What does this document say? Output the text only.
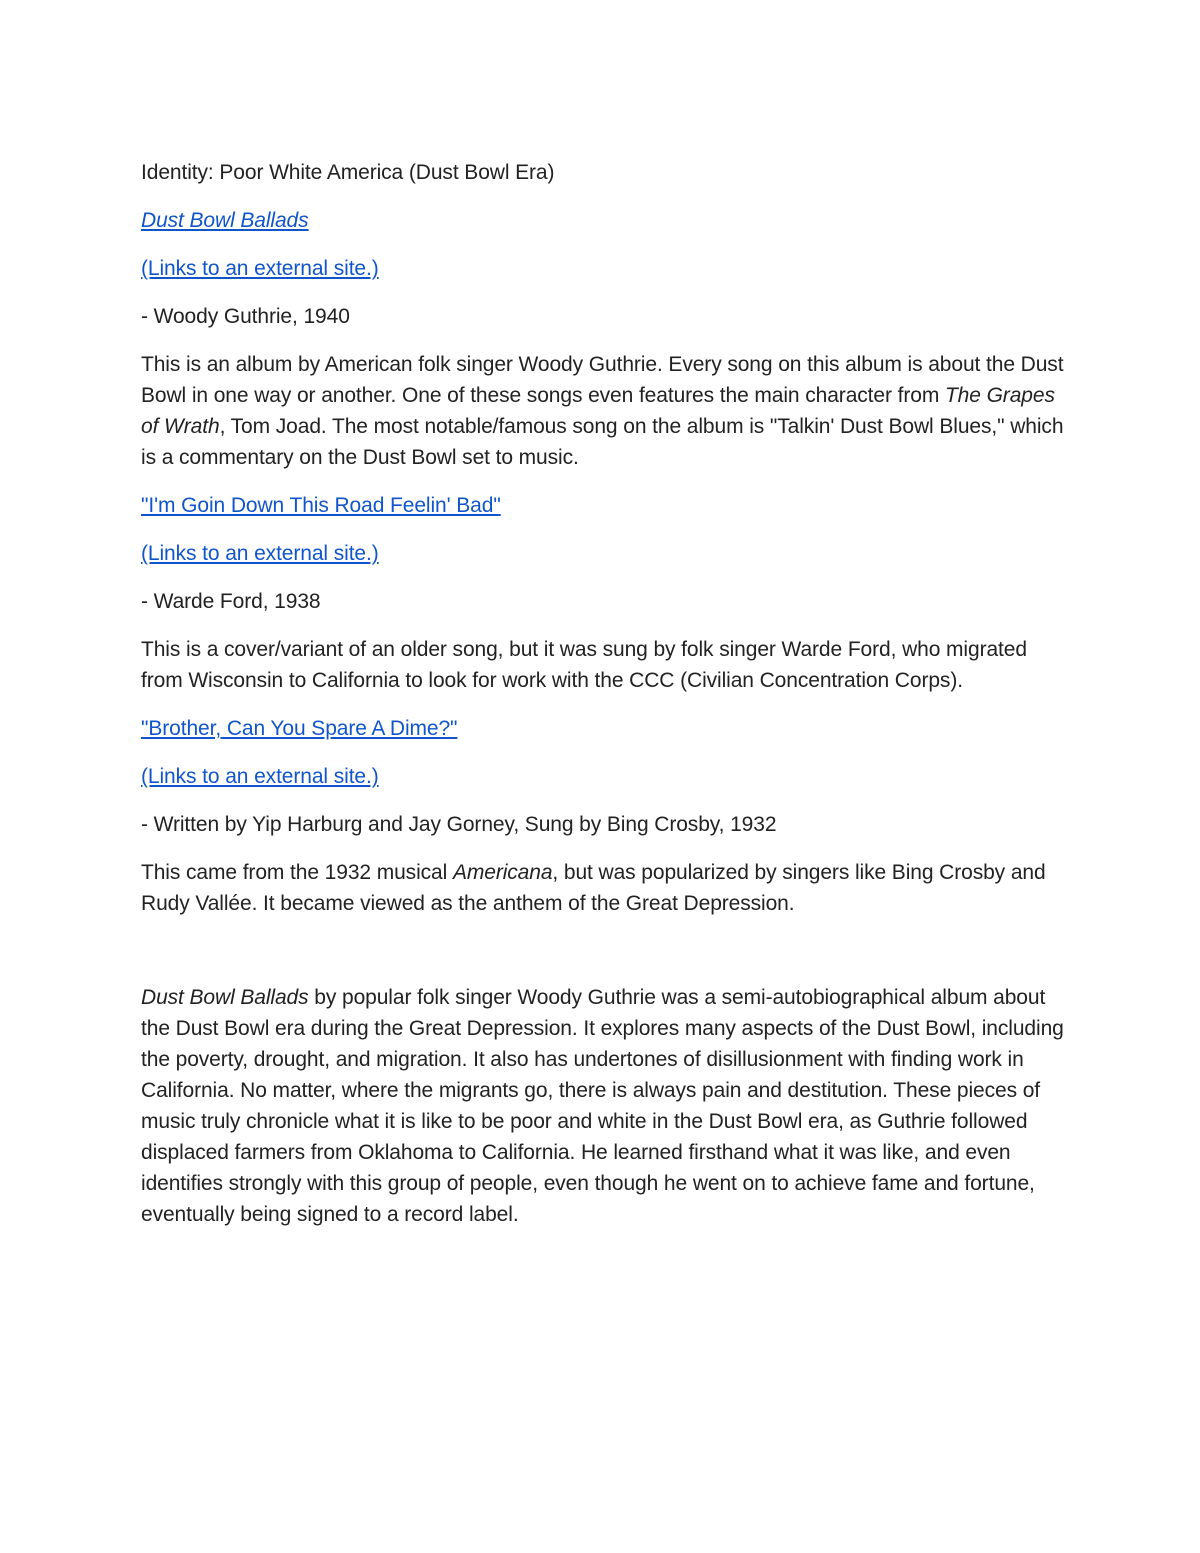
Identity: Poor White America (Dust Bowl Era)

Dust Bowl Ballads

(Links to an external site.)

- Woody Guthrie, 1940

This is an album by American folk singer Woody Guthrie. Every song on this album is about the Dust Bowl in one way or another. One of these songs even features the main character from The Grapes of Wrath, Tom Joad. The most notable/famous song on the album is "Talkin' Dust Bowl Blues," which is a commentary on the Dust Bowl set to music.

"I'm Goin Down This Road Feelin' Bad"

(Links to an external site.)

- Warde Ford, 1938

This is a cover/variant of an older song, but it was sung by folk singer Warde Ford, who migrated from Wisconsin to California to look for work with the CCC (Civilian Concentration Corps).

"Brother, Can You Spare A Dime?"

(Links to an external site.)

- Written by Yip Harburg and Jay Gorney, Sung by Bing Crosby, 1932

This came from the 1932 musical Americana, but was popularized by singers like Bing Crosby and Rudy Vallée. It became viewed as the anthem of the Great Depression.

Dust Bowl Ballads by popular folk singer Woody Guthrie was a semi-autobiographical album about the Dust Bowl era during the Great Depression. It explores many aspects of the Dust Bowl, including the poverty, drought, and migration. It also has undertones of disillusionment with finding work in California. No matter, where the migrants go, there is always pain and destitution. These pieces of music truly chronicle what it is like to be poor and white in the Dust Bowl era, as Guthrie followed displaced farmers from Oklahoma to California. He learned firsthand what it was like, and even identifies strongly with this group of people, even though he went on to achieve fame and fortune, eventually being signed to a record label.
